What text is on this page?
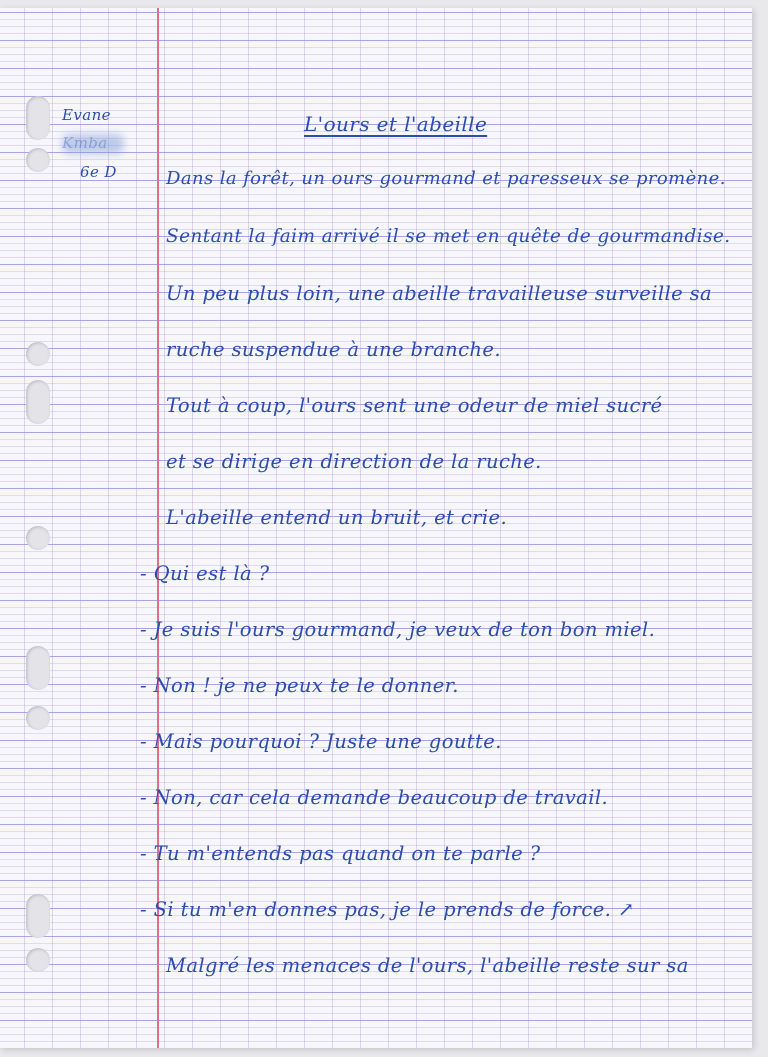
Evane
Kmba
6e D
L'ours et l'abeille
Dans la forêt, un ours gourmand et paresseux se promène.
Sentant la faim arrivé il se met en quête de gourmandise.
Un peu plus loin, une abeille travailleuse surveille sa
ruche suspendue à une branche.
Tout à coup, l'ours sent une odeur de miel sucré
et se dirige en direction de la ruche.
L'abeille entend un bruit, et crie.
- Qui est là ?
- Je suis l'ours gourmand, je veux de ton bon miel.
- Non ! je ne peux te le donner.
- Mais pourquoi ? Juste une goutte.
- Non, car cela demande beaucoup de travail.
- Tu m'entends pas quand on te parle ?
- Si tu m'en donnes pas, je le prends de force. ↗
Malgré les menaces de l'ours, l'abeille reste sur sa
